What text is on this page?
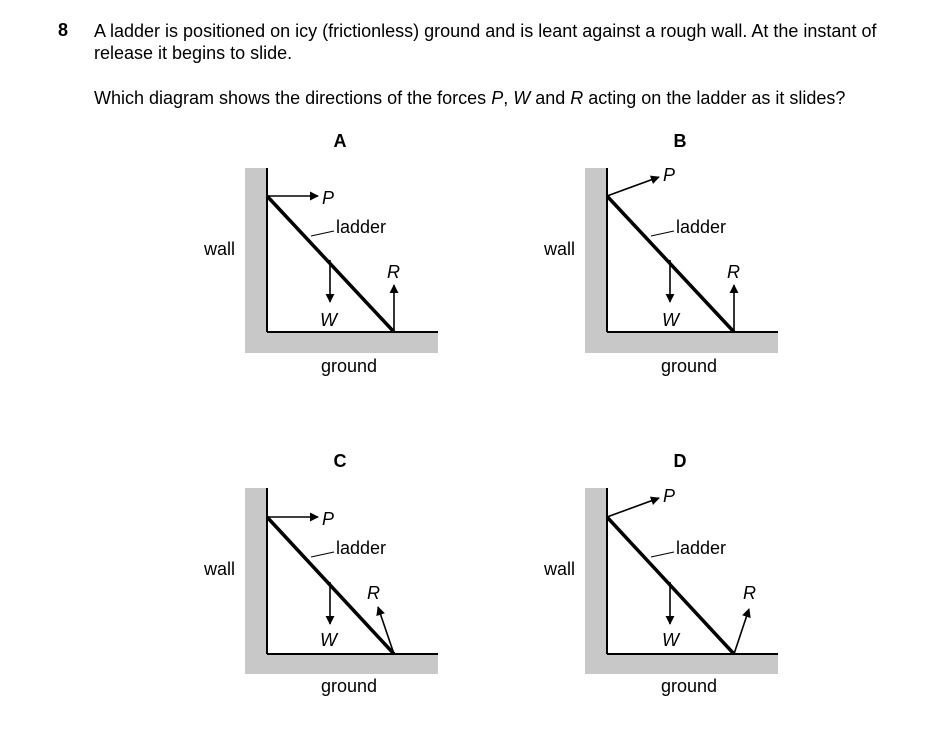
8 A ladder is positioned on icy (frictionless) ground and is leant against a rough wall. At the instant of release it begins to slide.
Which diagram shows the directions of the forces P, W and R acting on the ladder as it slides?
A
P
ladder
wall
R
W
ground
B
P
ladder
wall
R
W
ground
C
P
ladder
wall
R
W
ground
D
P
ladder
wall
R
W
ground
